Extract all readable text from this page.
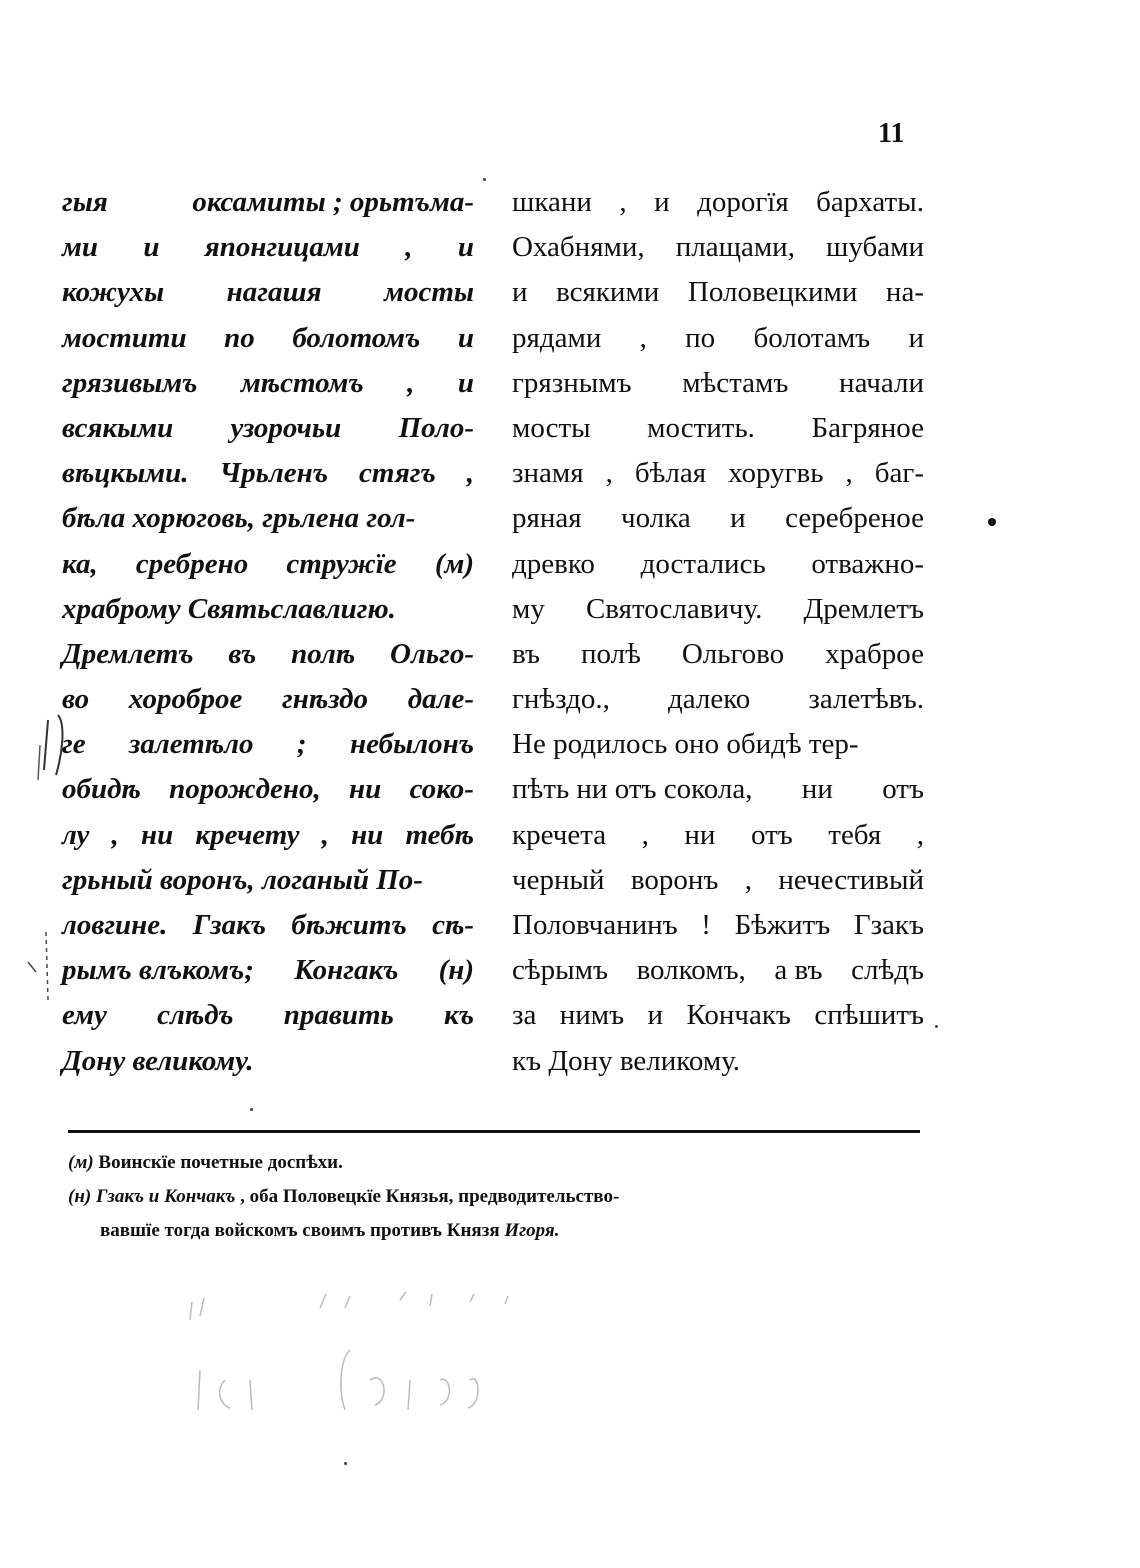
11
гыя	оксамиты ; орьтъма-
ми и японгицами , и
кожухы нагашя мосты
мостити по болотомъ и
грязивымъ мѣстомъ , и
всякыми узорочьи Поло-
вѣцкыми. Чрьленъ стягъ ,
бѣла хорюговь, грьлена гол-
ка, сребрено стружїе (м)
храброму Святьславлигю.
Дремлетъ въ полѣ Ольго-
во хороброе гнѣздо дале-
ге залетѣло ; небылонъ
обидѣ порождено, ни соко-
лу , ни кречету , ни тебѣ
грьный воронъ, логаный По-
ловгине. Гзакъ бѣжитъ сѣ-
рымъ влъкомъ; Конгакъ (н)
ему слѣдъ править къ
Дону великому.
шкани , и дорогїя бархаты.
Охабнями, плащами, шубами
и всякими Половецкими на-
рядами , по болотамъ и
грязнымъ мѣстамъ начали
мосты мостить. Багряное
знамя , бѣлая хоругвь , баг-
ряная чолка и серебреное
древко достались отважно-
му Святославичу. Дремлетъ
въ полѣ Ольгово храброе
гнѣздо., далеко залетѣвъ.
Не родилось оно обидѣ тер-
пѣть ни отъ сокола, ни отъ
кречета , ни отъ тебя ,
черный воронъ , нечестивый
Половчанинъ ! Бѣжитъ Гзакъ
сѣрымъ волкомъ, а въ слѣдъ
за нимъ и Кончакъ спѣшитъ
къ Дону великому.
(м) Воинскїе почетные доспѣхи.
(н) Гзакъ и Кончакъ , оба Половецкїе Князья, предводительство-
вавшїе тогда войскомъ своимъ противъ Князя Игоря.
